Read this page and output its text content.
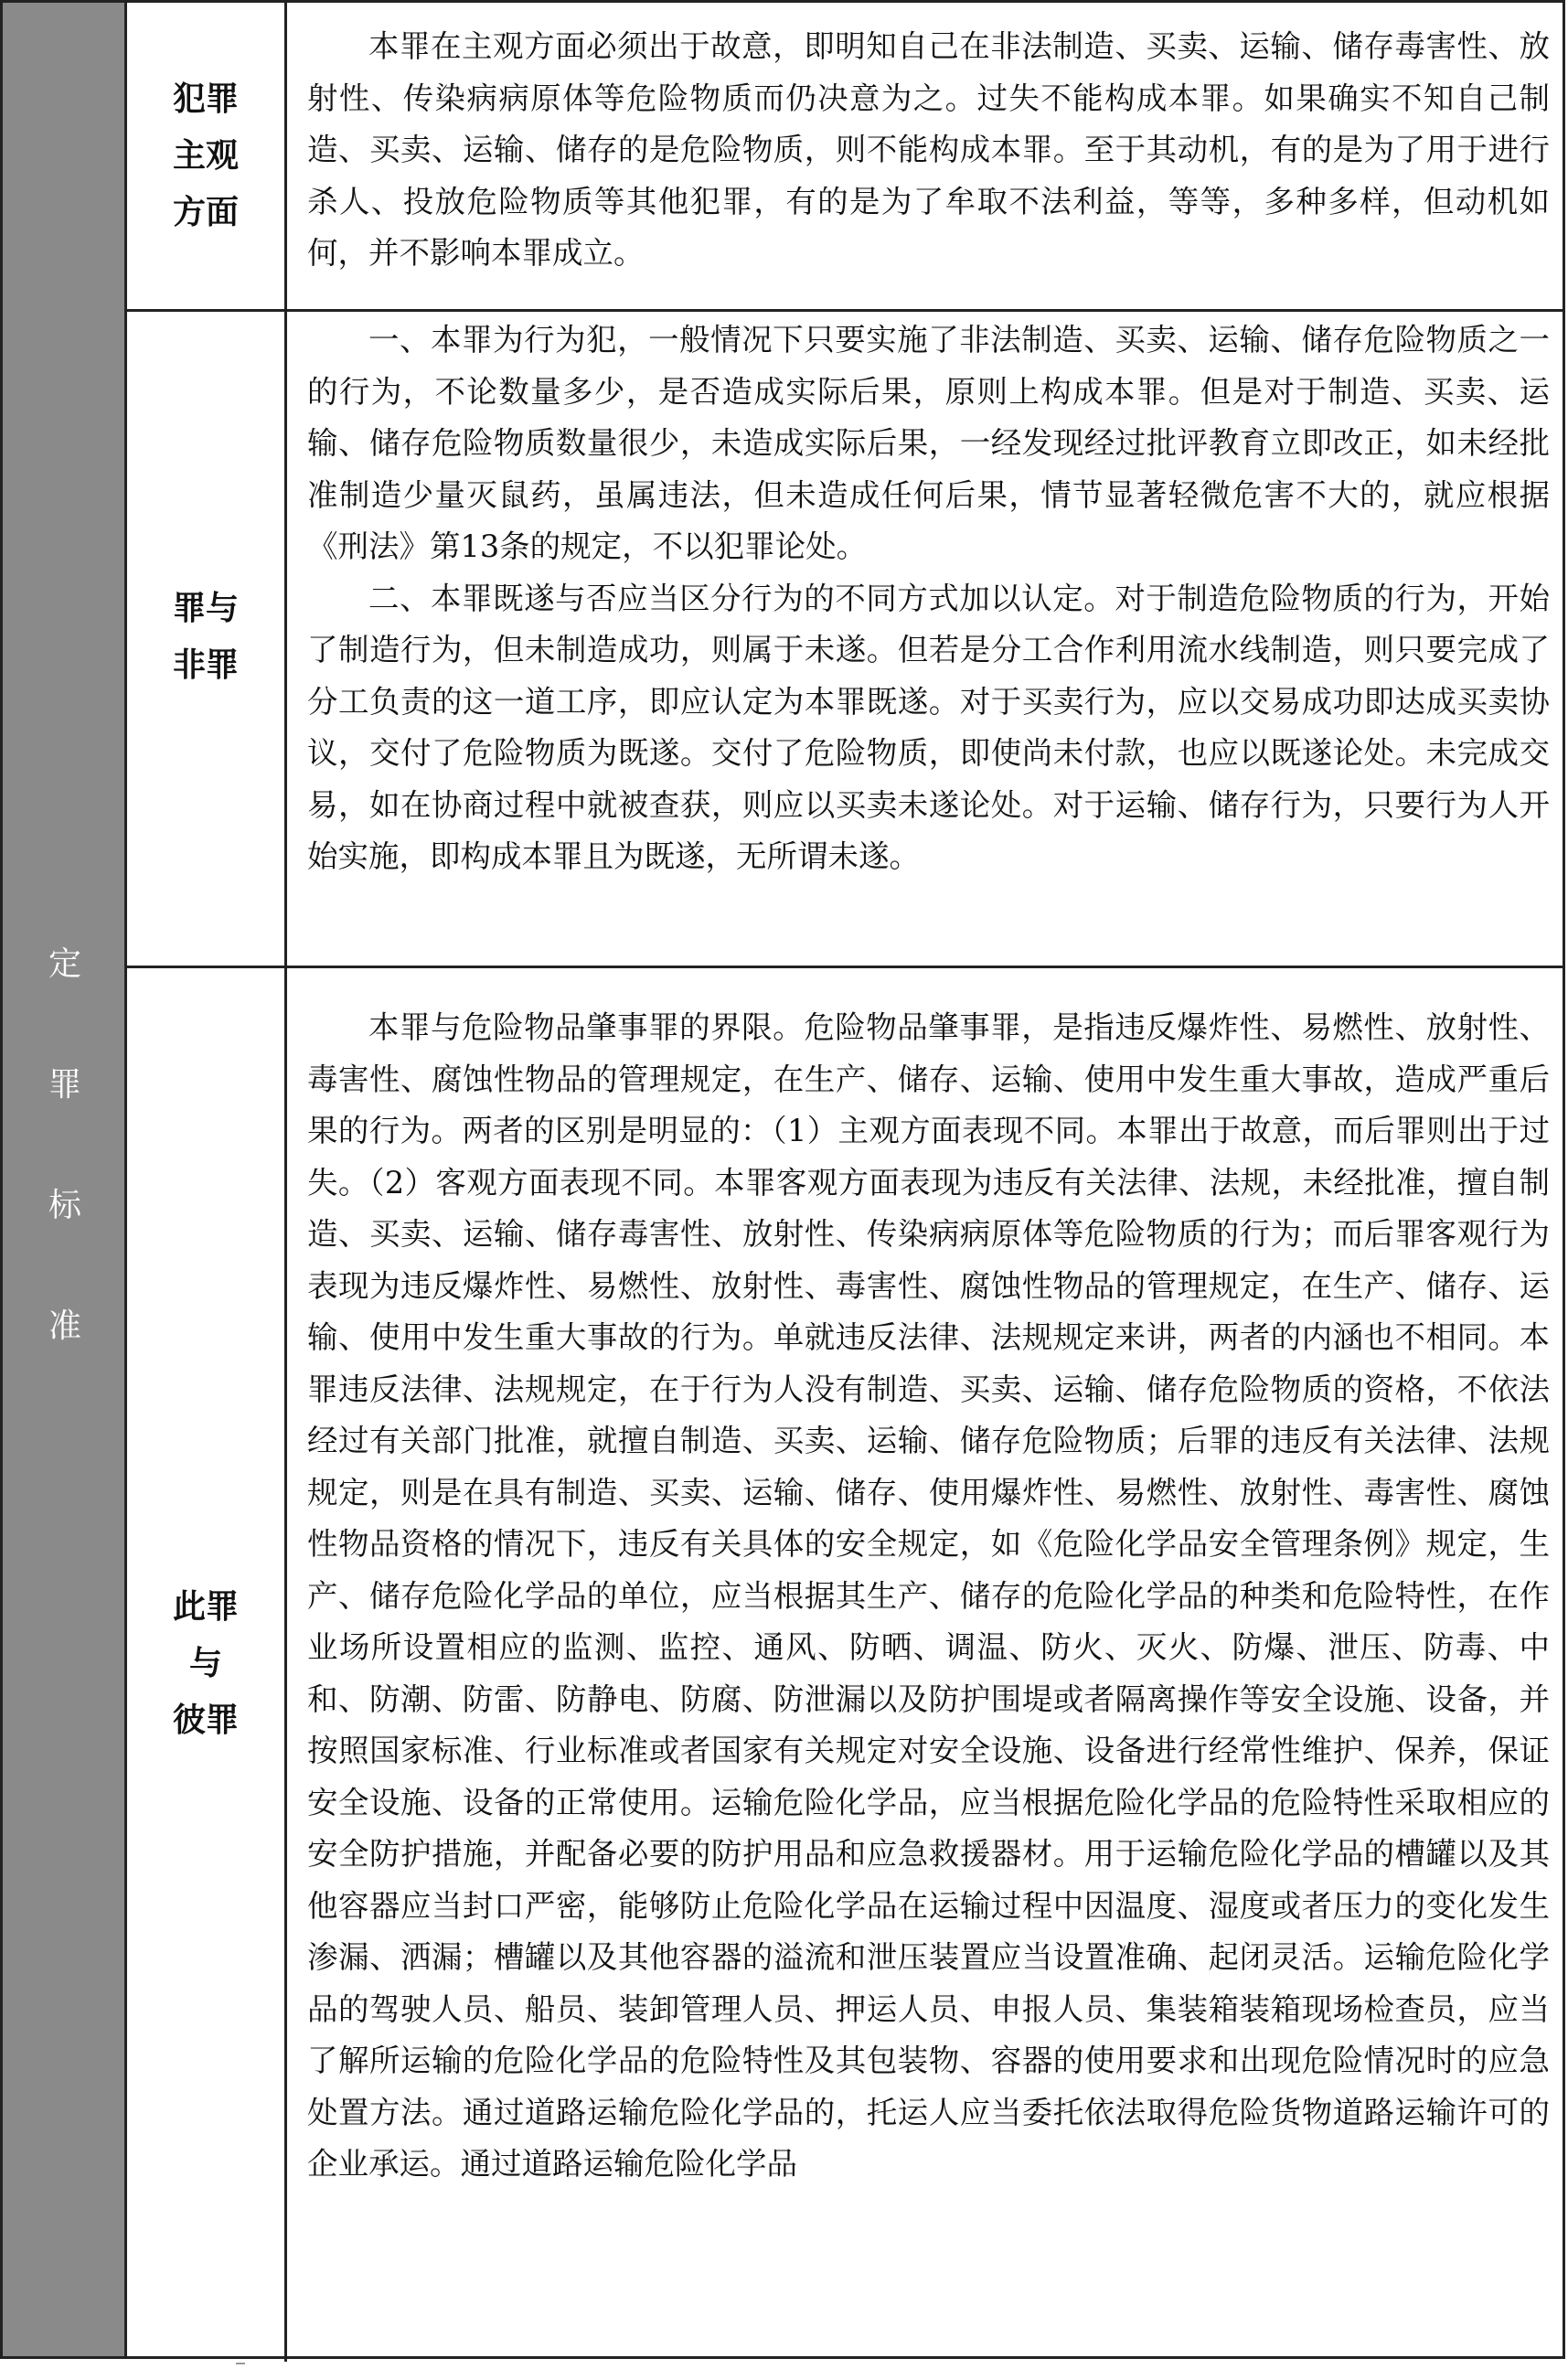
定
罪
标
准
犯罪
主观
方面

本罪在主观方面必须出于故意，即明知自己在非法制造、买卖、运输、储存毒害性、放射性、传染病病原体等危险物质而仍决意为之。过失不能构成本罪。如果确实不知自己制造、买卖、运输、储存的是危险物质，则不能构成本罪。至于其动机，有的是为了用于进行杀人、投放危险物质等其他犯罪，有的是为了牟取不法利益，等等，多种多样，但动机如何，并不影响本罪成立。

罪与
非罪

一、本罪为行为犯，一般情况下只要实施了非法制造、买卖、运输、储存危险物质之一的行为，不论数量多少，是否造成实际后果，原则上构成本罪。但是对于制造、买卖、运输、储存危险物质数量很少，未造成实际后果，一经发现经过批评教育立即改正，如未经批准制造少量灭鼠药，虽属违法，但未造成任何后果，情节显著轻微危害不大的，就应根据《刑法》第13条的规定，不以犯罪论处。

二、本罪既遂与否应当区分行为的不同方式加以认定。对于制造危险物质的行为，开始了制造行为，但未制造成功，则属于未遂。但若是分工合作利用流水线制造，则只要完成了分工负责的这一道工序，即应认定为本罪既遂。对于买卖行为，应以交易成功即达成买卖协议，交付了危险物质为既遂。交付了危险物质，即使尚未付款，也应以既遂论处。未完成交易，如在协商过程中就被查获，则应以买卖未遂论处。对于运输、储存行为，只要行为人开始实施，即构成本罪且为既遂，无所谓未遂。

此罪
与
彼罪

本罪与危险物品肇事罪的界限。危险物品肇事罪，是指违反爆炸性、易燃性、放射性、毒害性、腐蚀性物品的管理规定，在生产、储存、运输、使用中发生重大事故，造成严重后果的行为。两者的区别是明显的：（1）主观方面表现不同。本罪出于故意，而后罪则出于过失。（2）客观方面表现不同。本罪客观方面表现为违反有关法律、法规，未经批准，擅自制造、买卖、运输、储存毒害性、放射性、传染病病原体等危险物质的行为；而后罪客观行为表现为违反爆炸性、易燃性、放射性、毒害性、腐蚀性物品的管理规定，在生产、储存、运输、使用中发生重大事故的行为。单就违反法律、法规规定来讲，两者的内涵也不相同。本罪违反法律、法规规定，在于行为人没有制造、买卖、运输、储存危险物质的资格，不依法经过有关部门批准，就擅自制造、买卖、运输、储存危险物质；后罪的违反有关法律、法规规定，则是在具有制造、买卖、运输、储存、使用爆炸性、易燃性、放射性、毒害性、腐蚀性物品资格的情况下，违反有关具体的安全规定，如《危险化学品安全管理条例》规定，生产、储存危险化学品的单位，应当根据其生产、储存的危险化学品的种类和危险特性，在作业场所设置相应的监测、监控、通风、防晒、调温、防火、灭火、防爆、泄压、防毒、中和、防潮、防雷、防静电、防腐、防泄漏以及防护围堤或者隔离操作等安全设施、设备，并按照国家标准、行业标准或者国家有关规定对安全设施、设备进行经常性维护、保养，保证安全设施、设备的正常使用。运输危险化学品，应当根据危险化学品的危险特性采取相应的安全防护措施，并配备必要的防护用品和应急救援器材。用于运输危险化学品的槽罐以及其他容器应当封口严密，能够防止危险化学品在运输过程中因温度、湿度或者压力的变化发生渗漏、洒漏；槽罐以及其他容器的溢流和泄压装置应当设置准确、起闭灵活。运输危险化学品的驾驶人员、船员、装卸管理人员、押运人员、申报人员、集装箱装箱现场检查员，应当了解所运输的危险化学品的危险特性及其包装物、容器的使用要求和出现危险情况时的应急处置方法。通过道路运输危险化学品的，托运人应当委托依法取得危险货物道路运输许可的企业承运。通过道路运输危险化学品
